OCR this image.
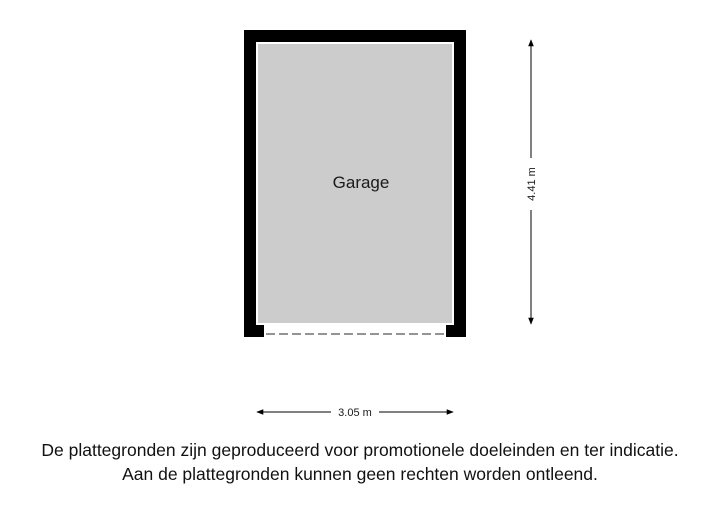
Garage	4.41 m
3.05 m
De plattegronden zijn geproduceerd voor promotionele doeleinden en ter indicatie.
Aan de plattegronden kunnen geen rechten worden ontleend.
